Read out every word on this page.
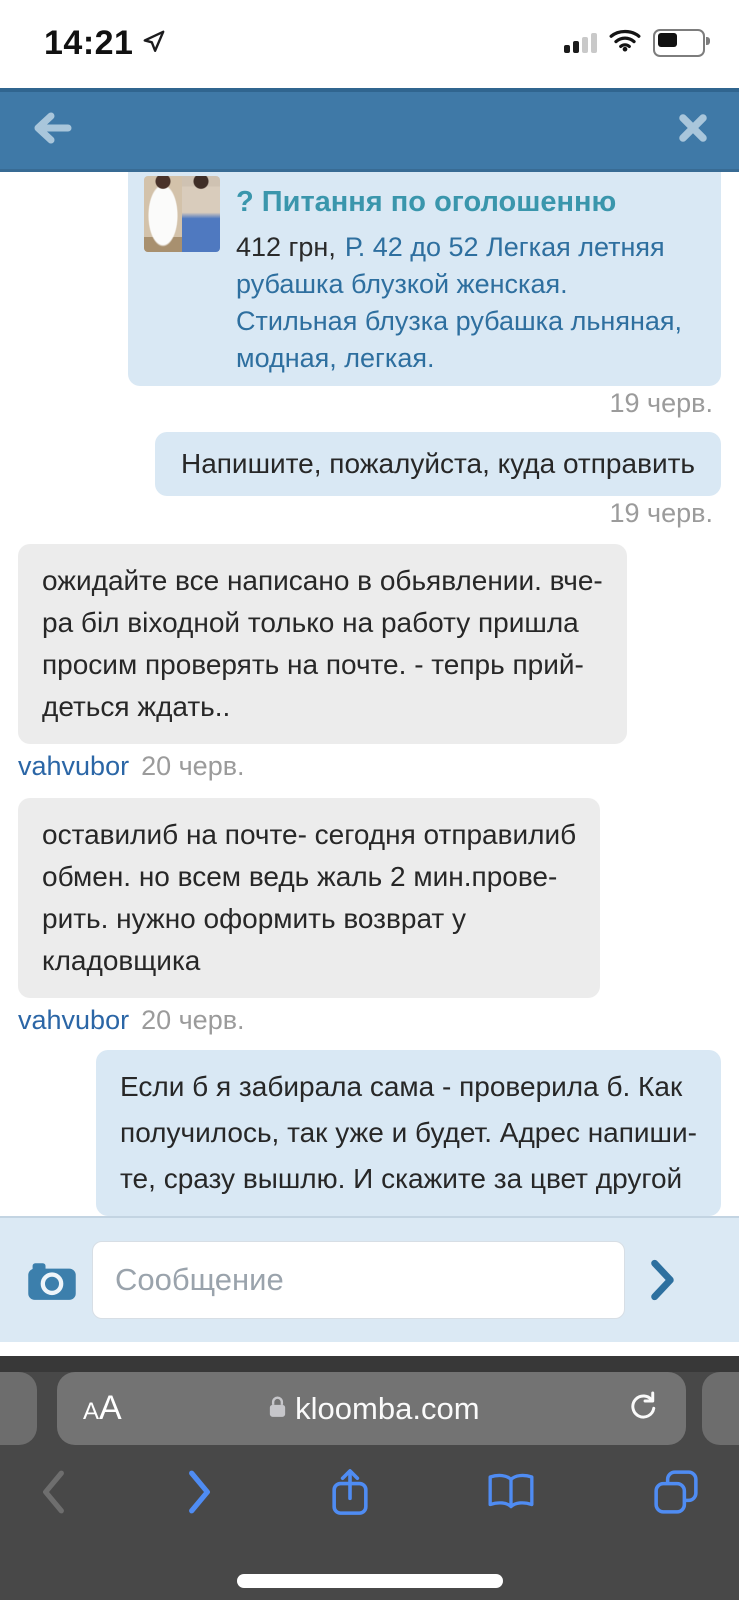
14:21
? Питання по оголошенню
412 грн, Р. 42 до 52 Легкая летняя
рубашка блузкой женская.
Стильная блузка рубашка льняная,
модная, легкая.
19 черв.
Напишите, пожалуйста, куда отправить
19 черв.
ожидайте все написано в обьявлении. вче-
ра біл віходной только на работу пришла
просим проверять на почте. - тепрь прий-
деться ждать..
vahvubor 20 черв.
оставилиб на почте- сегодня отправилиб
обмен. но всем ведь жаль 2 мин.прове-
рить. нужно оформить возврат у
кладовщика
vahvubor 20 черв.
Если б я забирала сама - проверила б. Как
получилось, так уже и будет. Адрес напиши-
те, сразу вышлю. И скажите за цвет другой
Сообщение
A A	kloomba.com
